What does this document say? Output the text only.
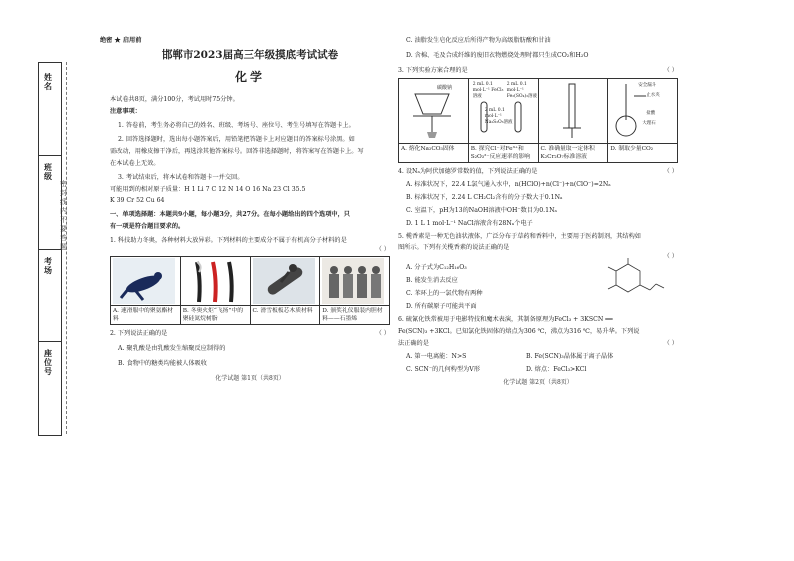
姓名
班级
考场
座位号
密封线内不要答题
绝密 ★ 启用前
邯郸市2023届高三年级摸底考试试卷
化学
本试卷共8页，满分100分，考试用时75分钟。
注意事项：
1. 答卷前，考生务必将自己的姓名、班级、考场号、座位号、考生号填写在答题卡上。
2. 回答选择题时，选出每小题答案后，用铅笔把答题卡上对应题目的答案标号涂黑。如
需改动，用橡皮擦干净后，再选涂其他答案标号。回答非选择题时，将答案写在答题卡上。写
在本试卷上无效。
3. 考试结束后，将本试卷和答题卡一并交回。
可能用到的相对原子质量：H 1 Li 7 C 12 N 14 O 16 Na 23 Cl 35.5
K 39 Cr 52 Cu 64
一、单项选择题：本题共9小题，每小题3分，共27分。在每小题给出的四个选项中，只
有一项是符合题目要求的。
1. 科技助力冬奥，各种材料大放异彩。下列材料的主要成分不属于有机高分子材料的是
（ ）

A. 速滑服中的聚氨酯材料	B. 冬奥火炬“飞扬”中的聚硅氮烷树脂	C. 滑雪板板芯木质材料	D. 颁奖礼仪服装内胆材料——石墨烯
2. 下列说法正确的是	（ ）
A. 聚乳酸是由乳酸发生缩聚反应制得的
B. 食物中的糖类均能被人体吸收
化学试题 第1页（共8页）
C. 油脂发生皂化反应后所得产物为高级脂肪酸和甘油
D. 含棉、毛及合成纤维的废旧衣物燃烧处理时都只生成CO₂和H₂O
3. 下列实验方案合理的是	（ ）
碳酸钠	2 mL 0.1 mol·L⁻¹ FeCl₃溶液
2 mL 0.1 mol·L⁻¹ Fe₂(SO₄)₃溶液
2 mL 0.1 mol·L⁻¹ Na₂S₂O₃溶液		安全漏斗
止水夹
盐酸
大理石

A. 熔化Na₂CO₃固体	B. 探究Cl⁻对Fe³⁺和S₂O₃²⁻反应速率的影响	C. 准确量取一定体积K₂Cr₂O₇标准溶液	D. 制取少量CO₂
4. 设Nₐ为阿伏加德罗常数的值，下列说法正确的是	（ ）
A. 标准状况下，22.4 L氯气通入水中，n(HClO)+n(Cl⁻)+n(ClO⁻)=2Nₐ
B. 标准状况下，2.24 L CH₂Cl₂含有的分子数大于0.1Nₐ
C. 室温下，pH为13的NaOH溶液中OH⁻数目为0.1Nₐ
D. 1 L 1 mol·L⁻¹ NaCl溶液含有28Nₐ个电子
5. 榄香素是一种无色油状液体，广泛分布于草药和香料中，主要用于医药制剂，其结构如
图所示。下列有关榄香素的说法正确的是
（ ）
A. 分子式为C₁₂H₁₆O₃
B. 能发生消去反应
C. 苯环上的一氯代物有两种
D. 所有碳原子可能共平面
6. 硫氰化铁常被用于电影特技和魔术表演，其制备原理为FeCl₃ + 3KSCN ══
Fe(SCN)₃ +3KCl。已知氯化铁固体的熔点为306 ℃，沸点为316 ℃，易升华。下列说
法正确的是	（ ）
A. 第一电离能：N>S	B. Fe(SCN)₃晶体属于离子晶体
C. SCN⁻的几何构型为V形	D. 熔点：FeCl₃>KCl
化学试题 第2页（共8页）
